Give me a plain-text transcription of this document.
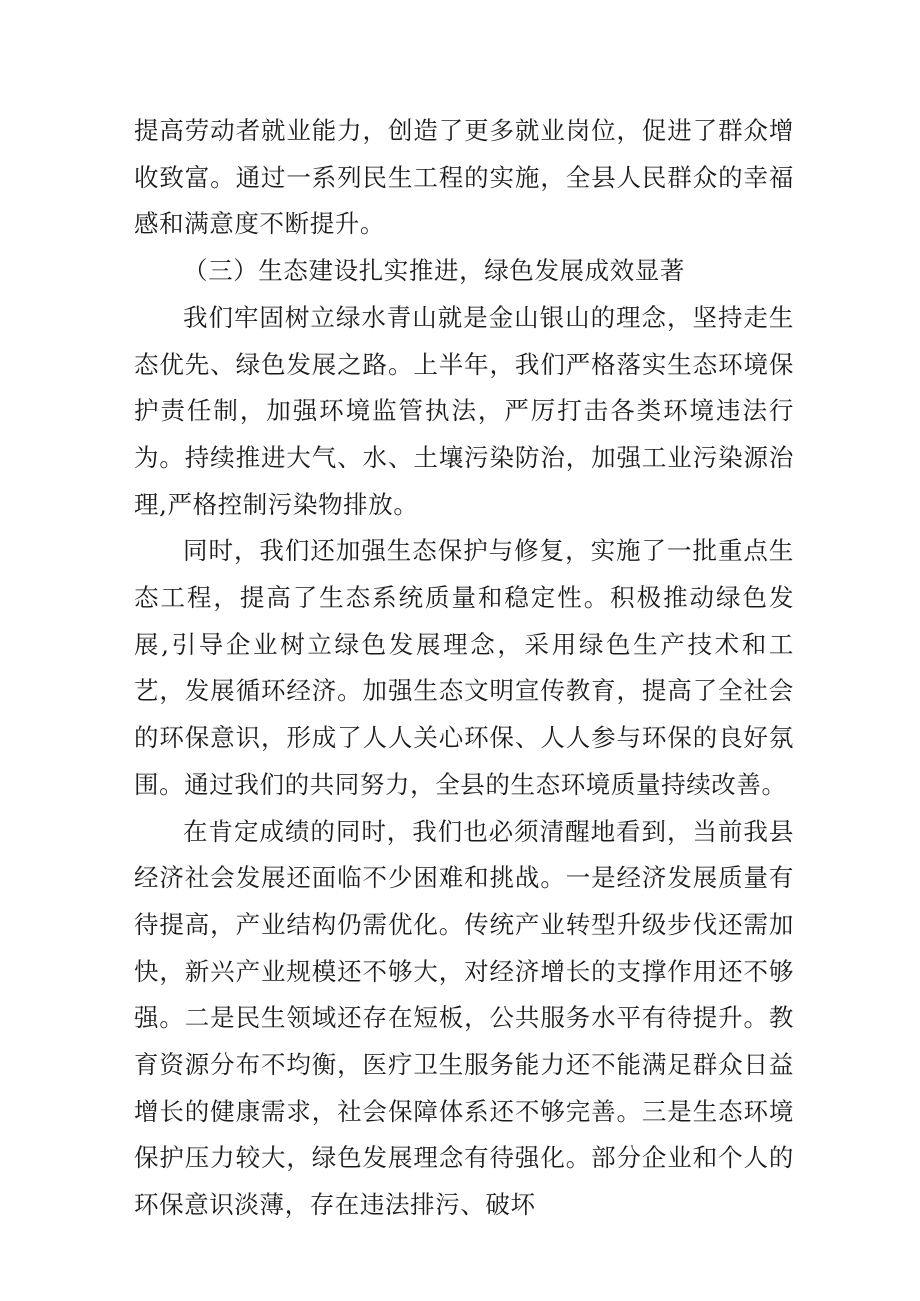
提高劳动者就业能力，创造了更多就业岗位，促进了群众增收致富。通过一系列民生工程的实施，全县人民群众的幸福感和满意度不断提升。

（三）生态建设扎实推进，绿色发展成效显著

我们牢固树立绿水青山就是金山银山的理念，坚持走生态优先、绿色发展之路。上半年，我们严格落实生态环境保护责任制，加强环境监管执法，严厉打击各类环境违法行为。持续推进大气、水、土壤污染防治，加强工业污染源治理,严格控制污染物排放。

同时，我们还加强生态保护与修复，实施了一批重点生态工程，提高了生态系统质量和稳定性。积极推动绿色发展,引导企业树立绿色发展理念，采用绿色生产技术和工艺，发展循环经济。加强生态文明宣传教育，提高了全社会的环保意识，形成了人人关心环保、人人参与环保的良好氛围。通过我们的共同努力，全县的生态环境质量持续改善。

在肯定成绩的同时，我们也必须清醒地看到，当前我县经济社会发展还面临不少困难和挑战。一是经济发展质量有待提高，产业结构仍需优化。传统产业转型升级步伐还需加快，新兴产业规模还不够大，对经济增长的支撑作用还不够强。二是民生领域还存在短板，公共服务水平有待提升。教育资源分布不均衡，医疗卫生服务能力还不能满足群众日益增长的健康需求，社会保障体系还不够完善。三是生态环境保护压力较大，绿色发展理念有待强化。部分企业和个人的环保意识淡薄，存在违法排污、破坏
